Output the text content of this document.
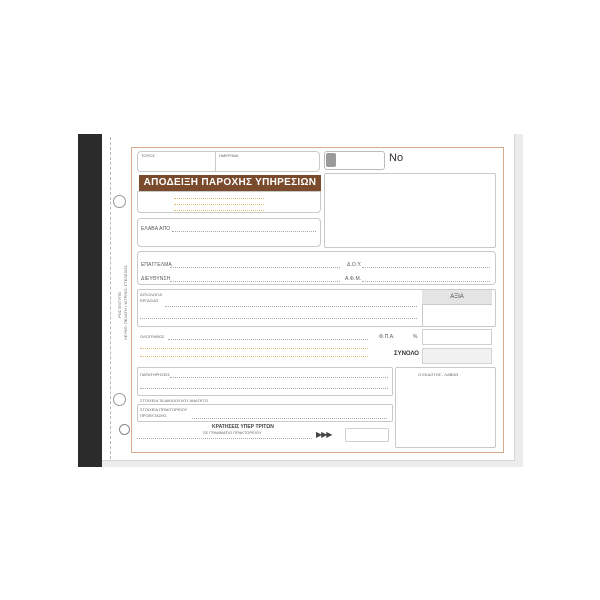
ΡΟΣ ΕΝΤΥΠΟ ΛΕΥΚΟ: ΠΕΛΑΤΗ • ΚΙΤΡΙΝΟ: ΣΤΕΛΕΧΟΣ
ΤΟΠΟΣ	ΗΜΕΡ/ΝΙΑ
ΑΠΟΔΕΙΞΗ ΠΑΡΟΧΗΣ ΥΠΗΡΕΣΙΩΝ
No
ΕΛΑΒΑ ΑΠΟ
ΕΠΑΓΓΕΛΜΑ	Δ.Ο.Υ.
ΔΙΕΥΘΥΝΣΗ	Α.Φ.Μ.
ΑΞΙΑ
ΑΙΤΙΟΛΟΓΙΑ
ΕΡΓΑΣΙΑΣ
ΟΛΟΓΡΑΦΩΣ	Φ.Π.Α.	%
ΣΥΝΟΛΟ
ΠΑΡΑΤΗΡΗΣΕΙΣ	Ο ΕΚΔΟΤΗΣ - ΛΑΒΩΝ
ΣΤΟΙΧΕΙΑ ΤΑ ΔΙΚΑΙΟΥΧΟΥ ΑΝΑΓΚΤΟ
ΣΤΟΙΧΕΙΑ ΠΡΑΚΤΟΡΕΙΟΥ
ΠΡΟΕΚΤΑΣΗΣ
ΚΡΑΤΗΣΕΙΣ ΥΠΕΡ ΤΡΙΤΩΝ
ΣΕ ΓΡΑΜΜΑΤΙΟ ΠΡΑΚΤΟΡΕΙΟΥ	▶▶▶
